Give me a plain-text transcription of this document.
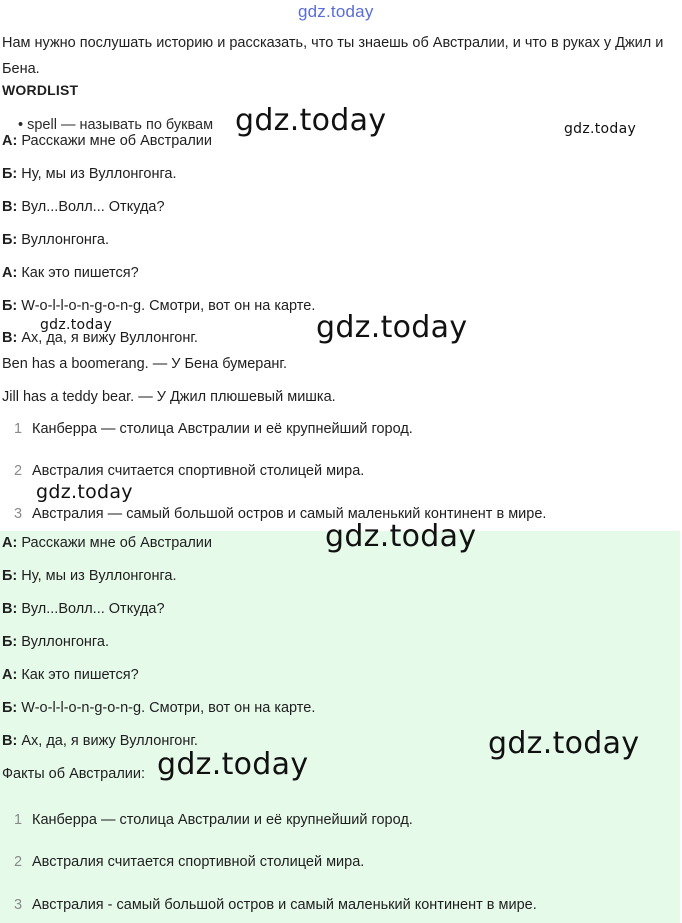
gdz.today
Нам нужно послушать историю и рассказать, что ты знаешь об Австралии, и что в руках у Джил и Бена.
WORDLIST
• spell — называть по буквам
А: Расскажи мне об Австралии
Б: Ну, мы из Вуллонгонга.
В: Вул...Волл... Откуда?
Б: Вуллонгонга.
А: Как это пишется?
Б: W-o-l-l-o-n-g-o-n-g. Смотри, вот он на карте.
В: Ах, да, я вижу Вуллонгонг.
Ben has a boomerang. — У Бена бумеранг.
Jill has a teddy bear. — У Джил плюшевый мишка.
1 Канберра — столица Австралии и её крупнейший город.
2 Австралия считается спортивной столицей мира.
3 Австралия — самый большой остров и самый маленький континент в мире.
А: Расскажи мне об Австралии
Б: Ну, мы из Вуллонгонга.
В: Вул...Волл... Откуда?
Б: Вуллонгонга.
А: Как это пишется?
Б: W-o-l-l-o-n-g-o-n-g. Смотри, вот он на карте.
В: Ах, да, я вижу Вуллонгонг.
Факты об Австралии:
1 Канберра — столица Австралии и её крупнейший город.
2 Австралия считается спортивной столицей мира.
3 Австралия - самый большой остров и самый маленький континент в мире.
gdz.today	gdz.today
gdz.today	gdz.today
gdz.today
gdz.today
gdz.today
gdz.today
